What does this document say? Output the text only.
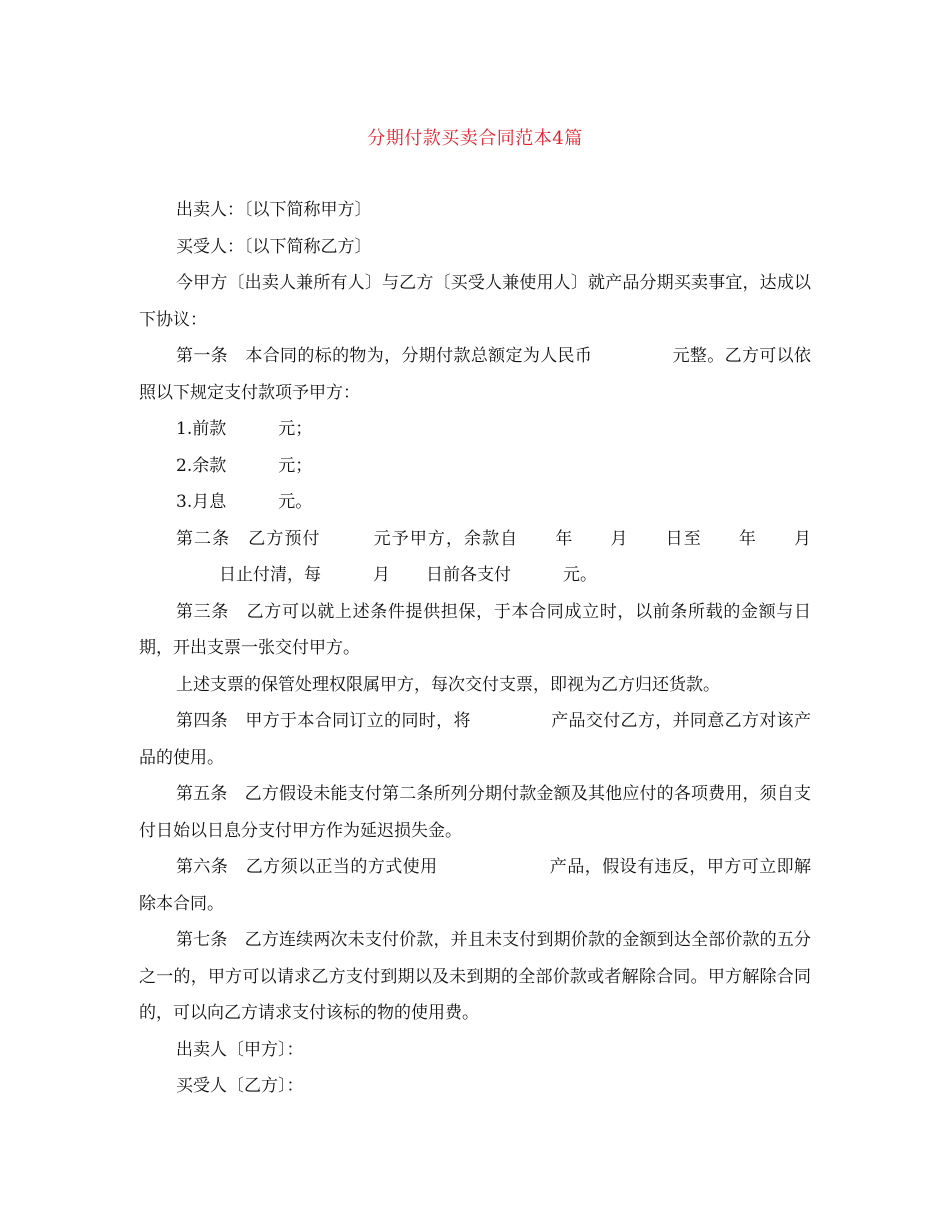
分期付款买卖合同范本4篇

出卖人：〔以下简称甲方〕

买受人：〔以下简称乙方〕

今甲方〔出卖人兼所有人〕与乙方〔买受人兼使用人〕就产品分期买卖事宜，达成以下协议：

第一条　本合同的标的物为，分期付款总额定为人民币	元整。乙方可以依照以下规定支付款项予甲方：

1.前款	元；

2.余款	元；

3.月息	元。

第二条　乙方预付	元予甲方，余款自 年 月 日至 年 月日止付清，每	月 日前各支付	元。

第三条　乙方可以就上述条件提供担保，于本合同成立时，以前条所载的金额与日期，开出支票一张交付甲方。

上述支票的保管处理权限属甲方，每次交付支票，即视为乙方归还货款。

第四条　甲方于本合同订立的同时，将	产品交付乙方，并同意乙方对该产品的使用。

第五条　乙方假设未能支付第二条所列分期付款金额及其他应付的各项费用，须自支付日始以日息分支付甲方作为延迟损失金。

第六条　乙方须以正当的方式使用	产品，假设有违反，甲方可立即解除本合同。

第七条　乙方连续两次未支付价款，并且未支付到期价款的金额到达全部价款的五分之一的，甲方可以请求乙方支付到期以及未到期的全部价款或者解除合同。甲方解除合同的，可以向乙方请求支付该标的物的使用费。

出卖人〔甲方〕：

买受人〔乙方〕：
